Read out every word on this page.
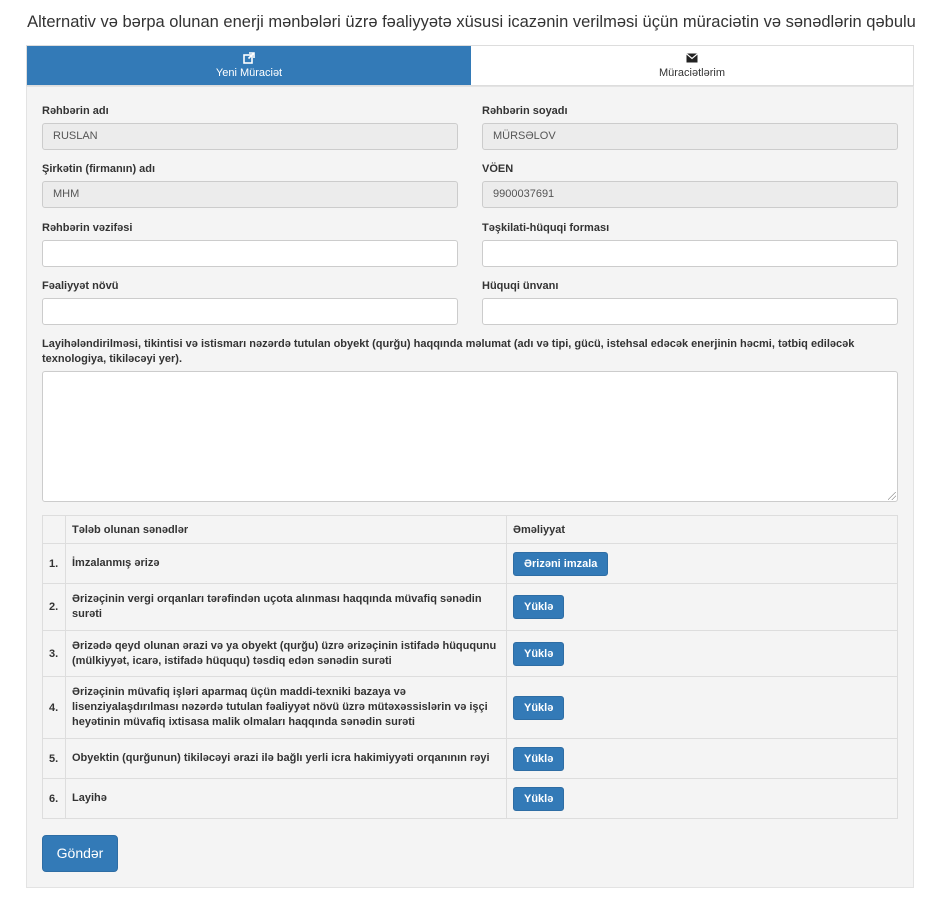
Alternativ və bərpa olunan enerji mənbələri üzrə fəaliyyətə xüsusi icazənin verilməsi üçün müraciətin və sənədlərin qəbulu
Yeni Müraciət	Müraciətlərim
Rəhbərin adı
RUSLAN
Rəhbərin soyadı
MÜRSƏLOV
Şirkətin (firmanın) adı
MHM
VÖEN
9900037691
Rəhbərin vəzifəsi	Təşkilati-hüquqi forması
Fəaliyyət növü	Hüquqi ünvanı
Layihələndirilməsi, tikintisi və istismarı nəzərdə tutulan obyekt (qurğu) haqqında məlumat (adı və tipi, gücü, istehsal edəcək enerjinin həcmi, tətbiq ediləcək texnologiya, tikiləcəyi yer).
	Tələb olunan sənədlər	Əməliyyat
1.	İmzalanmış ərizə	Ərizəni imzala
2.	Ərizəçinin vergi orqanları tərəfindən uçota alınması haqqında müvafiq sənədin surəti	Yüklə
3.	Ərizədə qeyd olunan ərazi və ya obyekt (qurğu) üzrə ərizəçinin istifadə hüququnu (mülkiyyət, icarə, istifadə hüququ) təsdiq edən sənədin surəti	Yüklə
4.	Ərizəçinin müvafiq işləri aparmaq üçün maddi-texniki bazaya və lisenziyalaşdırılması nəzərdə tutulan fəaliyyət növü üzrə mütəxəssislərin və işçi heyətinin müvafiq ixtisasa malik olmaları haqqında sənədin surəti	Yüklə
5.	Obyektin (qurğunun) tikiləcəyi ərazi ilə bağlı yerli icra hakimiyyəti orqanının rəyi	Yüklə
6.	Layihə	Yüklə
Göndər
